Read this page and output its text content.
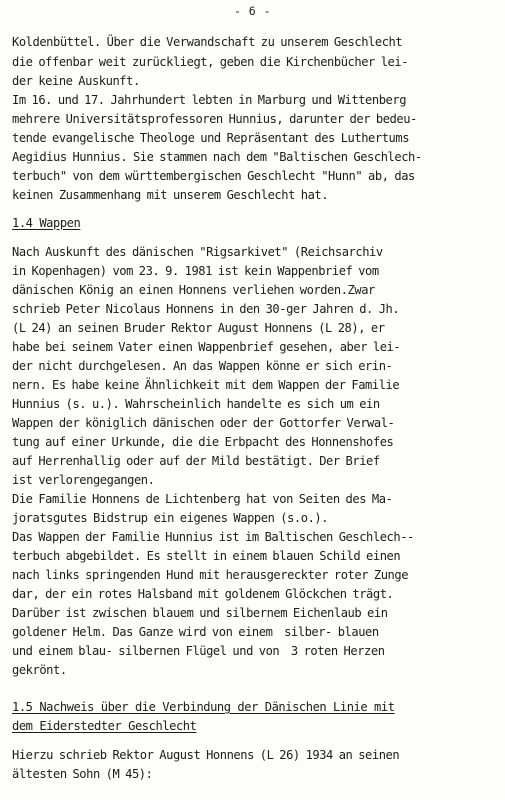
- 6 -
Koldenbüttel. Über die Verwandschaft zu unserem Geschlecht
die offenbar weit zurückliegt, geben die Kirchenbücher lei-
der keine Auskunft.
Im 16. und 17. Jahrhundert lebten in Marburg und Wittenberg
mehrere Universitätsprofessoren Hunnius, darunter der bedeu-
tende evangelische Theologe und Repräsentant des Luthertums
Aegidius Hunnius. Sie stammen nach dem "Baltischen Geschlech-
terbuch" von dem württembergischen Geschlecht "Hunn" ab, das
keinen Zusammenhang mit unserem Geschlecht hat.
1.4 Wappen
Nach Auskunft des dänischen "Rigsarkivet" (Reichsarchiv
in Kopenhagen) vom 23. 9. 1981 ist kein Wappenbrief vom
dänischen König an einen Honnens verliehen worden.Zwar
schrieb Peter Nicolaus Honnens in den 30-ger Jahren d. Jh.
(L 24) an seinen Bruder Rektor August Honnens (L 28), er
habe bei seinem Vater einen Wappenbrief gesehen, aber lei-
der nicht durchgelesen. An das Wappen könne er sich erin-
nern. Es habe keine Ähnlichkeit mit dem Wappen der Familie
Hunnius (s. u.). Wahrscheinlich handelte es sich um ein
Wappen der königlich dänischen oder der Gottorfer Verwal-
tung auf einer Urkunde, die die Erbpacht des Honnenshofes
auf Herrenhallig oder auf der Mild bestätigt. Der Brief
ist verlorengegangen.
Die Familie Honnens de Lichtenberg hat von Seiten des Ma-
joratsgutes Bidstrup ein eigenes Wappen (s.o.).
Das Wappen der Familie Hunnius ist im Baltischen Geschlech--
terbuch abgebildet. Es stellt in einem blauen Schild einen
nach links springenden Hund mit herausgereckter roter Zunge
dar, der ein rotes Halsband mit goldenem Glöckchen trägt.
Darüber ist zwischen blauem und silbernem Eichenlaub ein
goldener Helm. Das Ganze wird von einem  silber- blauen
und einem blau- silbernen Flügel und von  3 roten Herzen
gekrönt.
1.5 Nachweis über die Verbindung der Dänischen Linie mit
dem Eiderstedter Geschlecht
Hierzu schrieb Rektor August Honnens (L 26) 1934 an seinen
ältesten Sohn (M 45):
